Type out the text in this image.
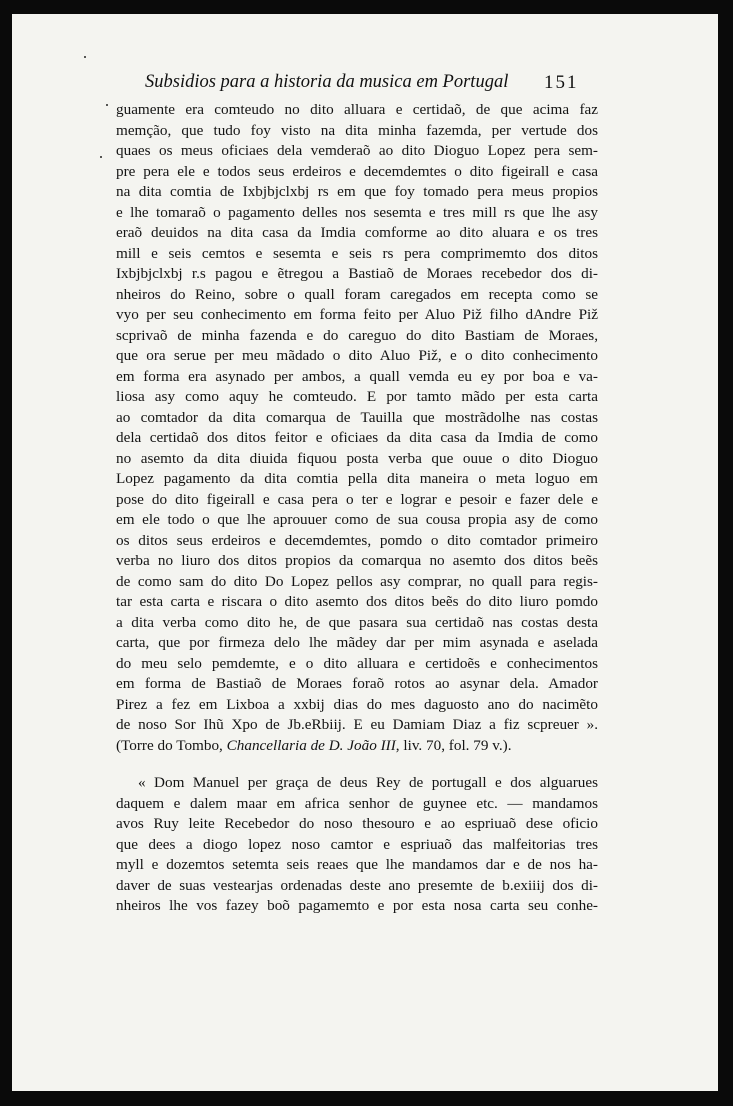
Subsidios para a historia da musica em Portugal 151
guamente era comteudo no dito alluara e certidaõ, de que acima faz
memção, que tudo foy visto na dita minha fazemda, per vertude dos
quaes os meus oficiaes dela vemderaõ ao dito Dioguo Lopez pera sem-
pre pera ele e todos seus erdeiros e decemdemtes o dito figeirall e casa
na dita comtia de Ixbjbjclxbj rs em que foy tomado pera meus propios
e lhe tomaraõ o pagamento delles nos sesemta e tres mill rs que lhe asy
eraõ deuidos na dita casa da Imdia comforme ao dito aluara e os tres
mill e seis cemtos e sesemta e seis rs pera comprimemto dos ditos
Ixbjbjclxbj r.s pagou e ẽtregou a Bastiaõ de Moraes recebedor dos di-
nheiros do Reino, sobre o quall foram caregados em recepta como se
vyo per seu conhecimento em forma feito per Aluo Piž filho dAndre Piž
scprivaõ de minha fazenda e do careguo do dito Bastiam de Moraes,
que ora serue per meu mãdado o dito Aluo Piž, e o dito conhecimento
em forma era asynado per ambos, a quall vemda eu ey por boa e va-
liosa asy como aquy he comteudo. E por tamto mãdo per esta carta
ao comtador da dita comarqua de Tauilla que mostrãdolhe nas costas
dela certidaõ dos ditos feitor e oficiaes da dita casa da Imdia de como
no asemto da dita diuida fiquou posta verba que ouue o dito Dioguo
Lopez pagamento da dita comtia pella dita maneira o meta loguo em
pose do dito figeirall e casa pera o ter e lograr e pesoir e fazer dele e
em ele todo o que lhe aprouuer como de sua cousa propia asy de como
os ditos seus erdeiros e decemdemtes, pomdo o dito comtador primeiro
verba no liuro dos ditos propios da comarqua no asemto dos ditos beẽs
de como sam do dito Do Lopez pellos asy comprar, no quall para regis-
tar esta carta e riscara o dito asemto dos ditos beẽs do dito liuro pomdo
a dita verba como dito he, de que pasara sua certidaõ nas costas desta
carta, que por firmeza delo lhe mãdey dar per mim asynada e aselada
do meu selo pemdemte, e o dito alluara e certidoẽs e conhecimentos
em forma de Bastiaõ de Moraes foraõ rotos ao asynar dela. Amador
Pirez a fez em Lixboa a xxbij dias do mes daguosto ano do nacimẽto
de noso Sor Ihũ Xpo de Jb.eRbiij. E eu Damiam Diaz a fiz scpreuer ».
(Torre do Tombo, Chancellaria de D. João III, liv. 70, fol. 79 v.).
« Dom Manuel per graça de deus Rey de portugall e dos alguarues
daquem e dalem maar em africa senhor de guynee etc. — mandamos
avos Ruy leite Recebedor do noso thesouro e ao espriuaõ dese oficio
que dees a diogo lopez noso camtor e espriuaõ das malfeitorias tres
myll e dozemtos setemta seis reaes que lhe mandamos dar e de nos ha-
daver de suas vestearjas ordenadas deste ano presemte de b.exiiij dos di-
nheiros lhe vos fazey boõ pagamemto e por esta nosa carta seu conhe-
